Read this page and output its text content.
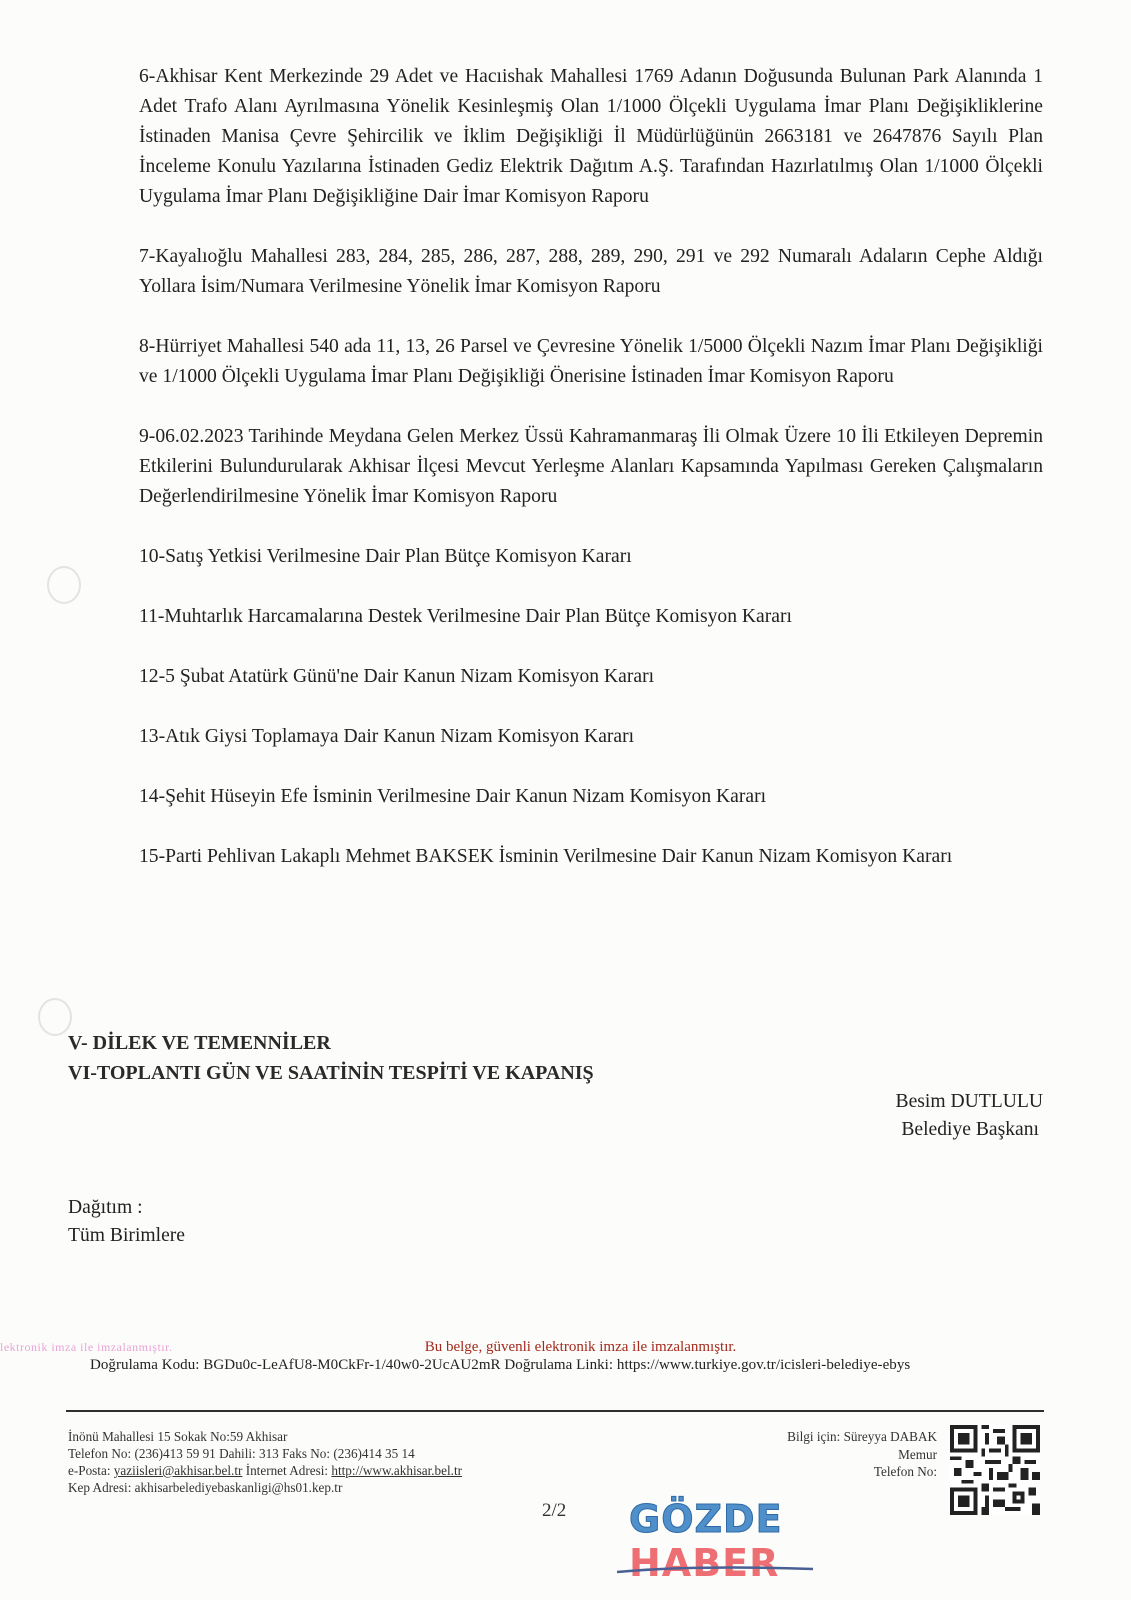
6-Akhisar Kent Merkezinde 29 Adet ve Hacıishak Mahallesi 1769 Adanın Doğusunda Bulunan Park Alanında 1 Adet Trafo Alanı Ayrılmasına Yönelik Kesinleşmiş Olan 1/1000 Ölçekli Uygulama İmar Planı Değişikliklerine İstinaden Manisa Çevre Şehircilik ve İklim Değişikliği İl Müdürlüğünün 2663181 ve 2647876 Sayılı Plan İnceleme Konulu Yazılarına İstinaden Gediz Elektrik Dağıtım A.Ş. Tarafından Hazırlatılmış Olan 1/1000 Ölçekli Uygulama İmar Planı Değişikliğine Dair İmar Komisyon Raporu

7-Kayalıoğlu Mahallesi 283, 284, 285, 286, 287, 288, 289, 290, 291 ve 292 Numaralı Adaların Cephe Aldığı Yollara İsim/Numara Verilmesine Yönelik İmar Komisyon Raporu

8-Hürriyet Mahallesi 540 ada 11, 13, 26 Parsel ve Çevresine Yönelik 1/5000 Ölçekli Nazım İmar Planı Değişikliği ve 1/1000 Ölçekli Uygulama İmar Planı Değişikliği Önerisine İstinaden İmar Komisyon Raporu

9-06.02.2023 Tarihinde Meydana Gelen Merkez Üssü Kahramanmaraş İli Olmak Üzere 10 İli Etkileyen Depremin Etkilerini Bulundurularak Akhisar İlçesi Mevcut Yerleşme Alanları Kapsamında Yapılması Gereken Çalışmaların Değerlendirilmesine Yönelik İmar Komisyon Raporu

10-Satış Yetkisi Verilmesine Dair Plan Bütçe Komisyon Kararı

11-Muhtarlık Harcamalarına Destek Verilmesine Dair Plan Bütçe Komisyon Kararı

12-5 Şubat Atatürk Günü'ne Dair Kanun Nizam Komisyon Kararı

13-Atık Giysi Toplamaya Dair Kanun Nizam Komisyon Kararı

14-Şehit Hüseyin Efe İsminin Verilmesine Dair Kanun Nizam Komisyon Kararı

15-Parti Pehlivan Lakaplı Mehmet BAKSEK İsminin Verilmesine Dair Kanun Nizam Komisyon Kararı

V- DİLEK VE TEMENNİLER
VI-TOPLANTI GÜN VE SAATİNİN TESPİTİ VE KAPANIŞ
Besim DUTLULU
Belediye Başkanı
Dağıtım :
Tüm Birimlere
lektronik imza ile imzalanmıştır.	Bu belge, güvenli elektronik imza ile imzalanmıştır.
Doğrulama Kodu: BGDu0c-LeAfU8-M0CkFr-1/40w0-2UcAU2mR Doğrulama Linki: https://www.turkiye.gov.tr/icisleri-belediye-ebys
İnönü Mahallesi 15 Sokak No:59 Akhisar
Telefon No: (236)413 59 91 Dahili: 313 Faks No: (236)414 35 14
e-Posta: yaziisleri@akhisar.bel.tr İnternet Adresi: http://www.akhisar.bel.tr
Kep Adresi: akhisarbelediyebaskanligi@hs01.kep.tr
Bilgi için: Süreyya DABAK
Memur
Telefon No:
2/2 GÖZDE
HABER
